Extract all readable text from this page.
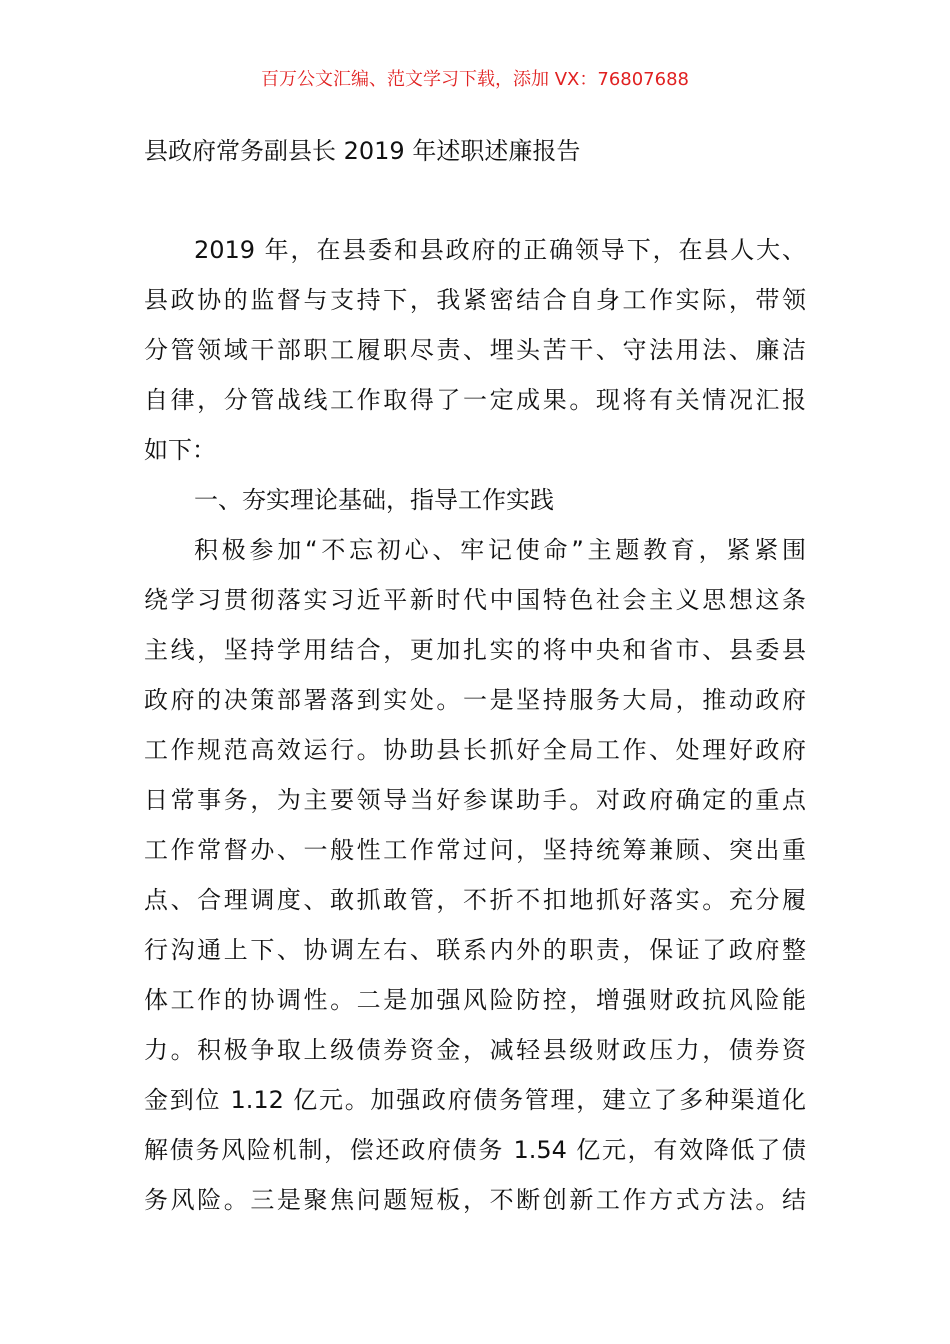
百万公文汇编、范文学习下载，添加 VX：76807688
县政府常务副县长 2019 年述职述廉报告
2019 年，在县委和县政府的正确领导下，在县人大、
县政协的监督与支持下，我紧密结合自身工作实际，带领
分管领域干部职工履职尽责、埋头苦干、守法用法、廉洁
自律，分管战线工作取得了一定成果。现将有关情况汇报
如下：
一、夯实理论基础，指导工作实践
积极参加“不忘初心、牢记使命”主题教育，紧紧围
绕学习贯彻落实习近平新时代中国特色社会主义思想这条
主线，坚持学用结合，更加扎实的将中央和省市、县委县
政府的决策部署落到实处。一是坚持服务大局，推动政府
工作规范高效运行。协助县长抓好全局工作、处理好政府
日常事务，为主要领导当好参谋助手。对政府确定的重点
工作常督办、一般性工作常过问，坚持统筹兼顾、突出重
点、合理调度、敢抓敢管，不折不扣地抓好落实。充分履
行沟通上下、协调左右、联系内外的职责，保证了政府整
体工作的协调性。二是加强风险防控，增强财政抗风险能
力。积极争取上级债券资金，减轻县级财政压力，债券资
金到位 1.12 亿元。加强政府债务管理，建立了多种渠道化
解债务风险机制，偿还政府债务 1.54 亿元，有效降低了债
务风险。三是聚焦问题短板，不断创新工作方式方法。结
